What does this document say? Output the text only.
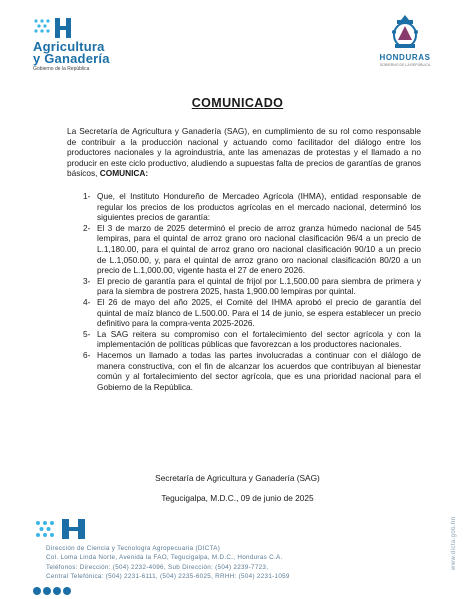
Agricultura
y Ganadería
Gobierno de la República
HONDURAS
GOBIERNO DE LA REPÚBLICA
COMUNICADO
La Secretaría de Agricultura y Ganadería (SAG), en cumplimiento de su rol como responsable de contribuir a la producción nacional y actuando como facilitador del diálogo entre los productores nacionales y la agroindustria, ante las amenazas de protestas y el llamado a no producir en este ciclo productivo, aludiendo a supuestas falta de precios de garantías de granos básicos, COMUNICA:
1- Que, el Instituto Hondureño de Mercadeo Agrícola (IHMA), entidad responsable de regular los precios de los productos agrícolas en el mercado nacional, determinó los siguientes precios de garantía:
2- El 3 de marzo de 2025 determinó el precio de arroz granza húmedo nacional de 545 lempiras, para el quintal de arroz grano oro nacional clasificación 96/4 a un precio de L.1,180.00, para el quintal de arroz grano oro nacional clasificación 90/10 a un precio de L.1,050.00, y, para el quintal de arroz grano oro nacional clasificación 80/20 a un precio de L.1,000.00, vigente hasta el 27 de enero 2026.
3- El precio de garantía para el quintal de frijol por L.1,500.00 para siembra de primera y para la siembra de postrera 2025, hasta 1,900.00 lempiras por quintal.
4- El 26 de mayo del año 2025, el Comité del IHMA aprobó el precio de garantía del quintal de maíz blanco de L.500.00. Para el 14 de junio, se espera establecer un precio definitivo para la compra-venta 2025-2026.
5- La SAG reitera su compromiso con el fortalecimiento del sector agrícola y con la implementación de políticas públicas que favorezcan a los productores nacionales.
6- Hacemos un llamado a todas las partes involucradas a continuar con el diálogo de manera constructiva, con el fin de alcanzar los acuerdos que contribuyan al bienestar común y al fortalecimiento del sector agrícola, que es una prioridad nacional para el Gobierno de la República.
Secretaría de Agricultura y Ganadería (SAG)
Tegucigalpa, M.D.C., 09 de junio de 2025
Dirección de Ciencia y Tecnología Agropecuaria (DICTA)
Col. Loma Linda Norte, Avenida la FAO, Tegucigalpa, M.D.C., Honduras C.A.
Teléfonos: Dirección: (504) 2232-4096, Sub Dirección: (504) 2239-7723,
Central Telefónica: (504) 2231-6111, (504) 2235-6025, RRHH: (504) 2231-1059
www.dicta.gob.hn
